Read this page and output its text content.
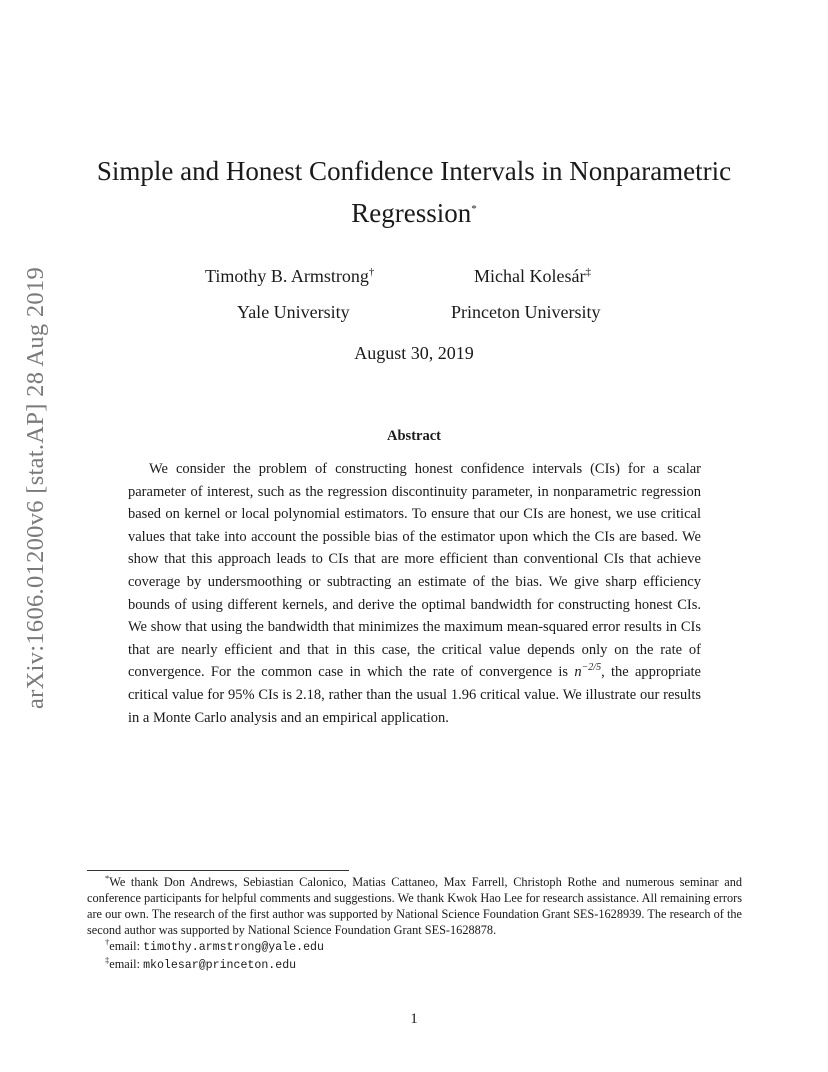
arXiv:1606.01200v6 [stat.AP] 28 Aug 2019
Simple and Honest Confidence Intervals in Nonparametric
Regression*
Timothy B. Armstrong†	Michal Kolesár‡
Yale University	Princeton University
August 30, 2019
Abstract

We consider the problem of constructing honest confidence intervals (CIs) for a scalar parameter of interest, such as the regression discontinuity parameter, in nonparametric regression based on kernel or local polynomial estimators. To ensure that our CIs are honest, we use critical values that take into account the possible bias of the estimator upon which the CIs are based. We show that this approach leads to CIs that are more efficient than conventional CIs that achieve coverage by undersmoothing or subtracting an estimate of the bias. We give sharp efficiency bounds of using different kernels, and derive the optimal bandwidth for constructing honest CIs. We show that using the bandwidth that minimizes the maximum mean-squared error results in CIs that are nearly efficient and that in this case, the critical value depends only on the rate of convergence. For the common case in which the rate of convergence is $n^{-2/5}$, the appropriate critical value for 95% CIs is 2.18, rather than the usual 1.96 critical value. We illustrate our results in a Monte Carlo analysis and an empirical application.

*We thank Don Andrews, Sebiastian Calonico, Matias Cattaneo, Max Farrell, Christoph Rothe and numerous seminar and conference participants for helpful comments and suggestions. We thank Kwok Hao Lee for research assistance. All remaining errors are our own. The research of the first author was supported by National Science Foundation Grant SES-1628939. The research of the second author was supported by National Science Foundation Grant SES-1628878.

†email: timothy.armstrong@yale.edu

‡email: mkolesar@princeton.edu

1
